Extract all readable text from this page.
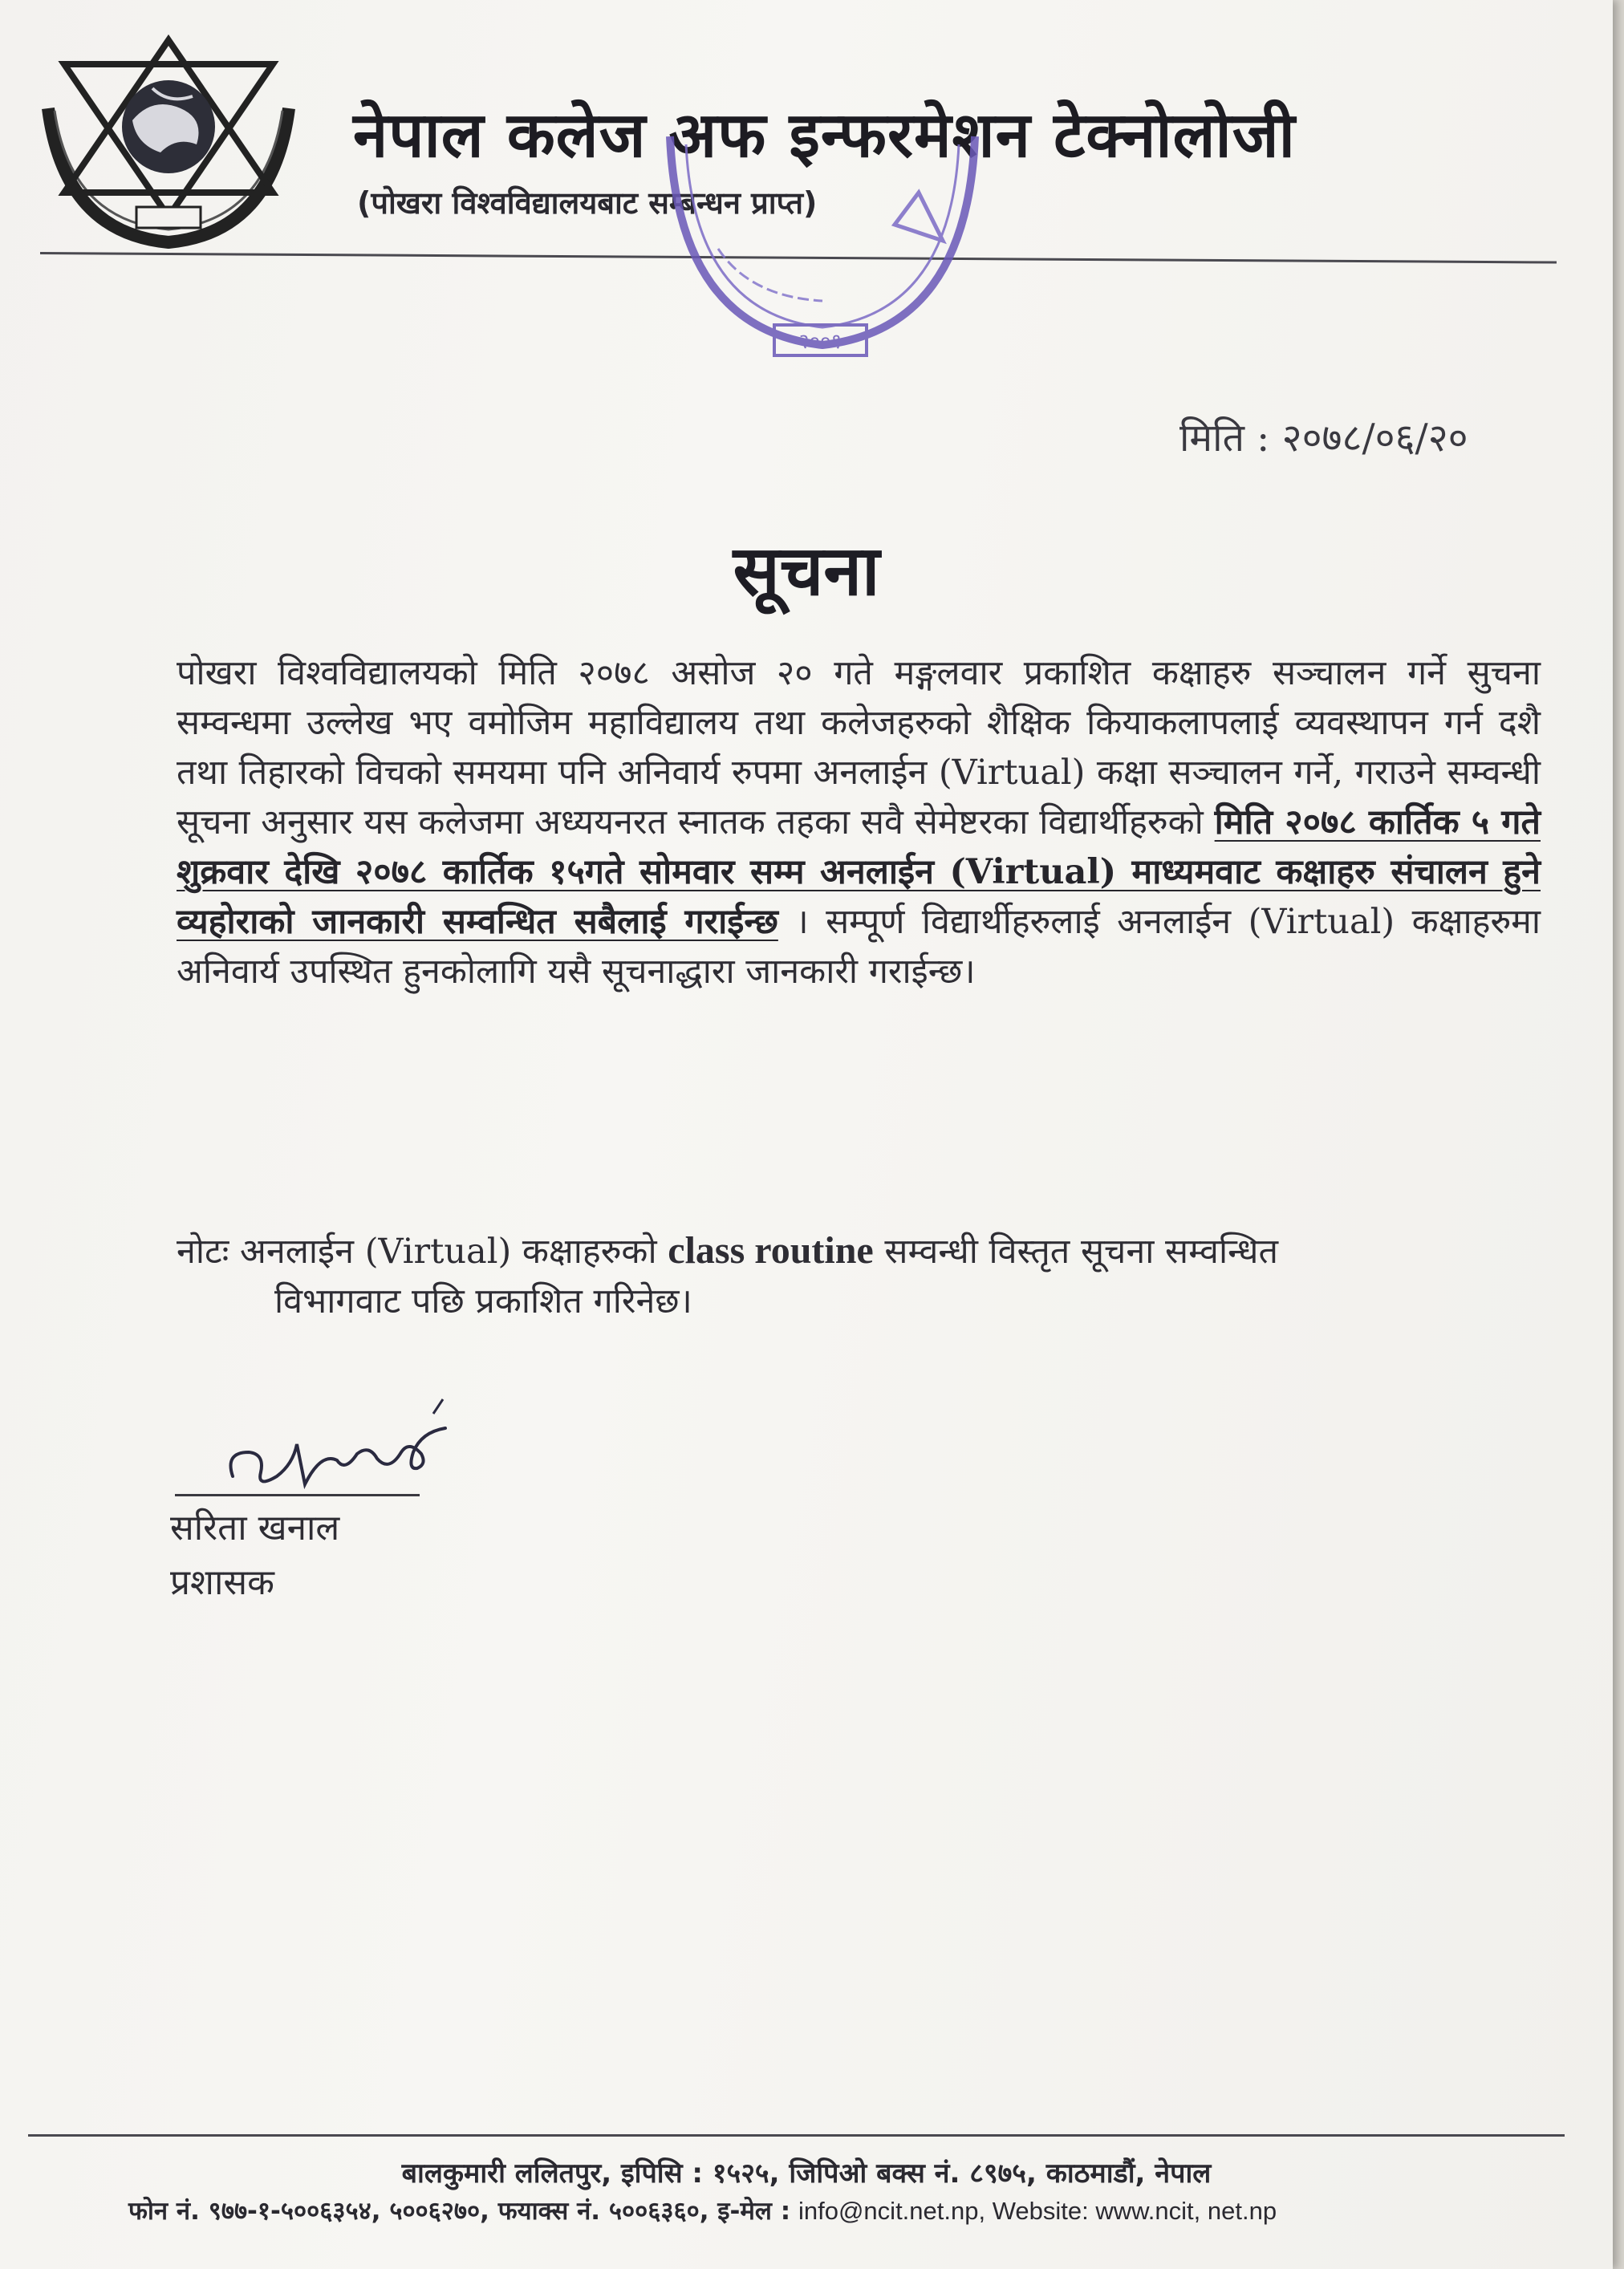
नेपाल कलेज अफ इन्फरमेशन टेक्नोलोजी
(पोखरा विश्वविद्यालयबाट सम्बन्धन प्राप्त)
२००१
मिति : २०७८/०६/२०
सूचना
पोखरा विश्वविद्यालयको मिति २०७८ असोज २० गते मङ्गलवार प्रकाशित कक्षाहरु सञ्चालन गर्ने सुचना सम्वन्धमा उल्लेख भए वमोजिम महाविद्यालय तथा कलेजहरुको शैक्षिक कियाकलापलाई व्यवस्थापन गर्न दशै तथा तिहारको विचको समयमा पनि अनिवार्य रुपमा अनलाईन (Virtual) कक्षा सञ्चालन गर्ने, गराउने सम्वन्धी सूचना अनुसार यस कलेजमा अध्ययनरत स्नातक तहका सवै सेमेष्टरका विद्यार्थीहरुको मिति २०७८ कार्तिक ५ गते शुक्रवार देखि २०७८ कार्तिक १५गते सोमवार सम्म अनलाईन (Virtual) माध्यमवाट कक्षाहरु संचालन हुने व्यहोराको जानकारी सम्वन्धित सबैलाई गराईन्छ । सम्पूर्ण विद्यार्थीहरुलाई अनलाईन (Virtual) कक्षाहरुमा अनिवार्य उपस्थित हुनकोलागि यसै सूचनाद्धारा जानकारी गराईन्छ।
नोटः अनलाईन (Virtual) कक्षाहरुको class routine सम्वन्धी विस्तृत सूचना सम्वन्धित
विभागवाट पछि प्रकाशित गरिनेछ।
सरिता खनाल
प्रशासक
बालकुमारी ललितपुर, इपिसि : १५२५, जिपिओ बक्स नं. ८९७५, काठमाडौं, नेपाल
फोन नं. ९७७-१-५००६३५४, ५००६२७०, फयाक्स नं. ५००६३६०, इ-मेल : info@ncit.net.np, Website: www.ncit, net.np
